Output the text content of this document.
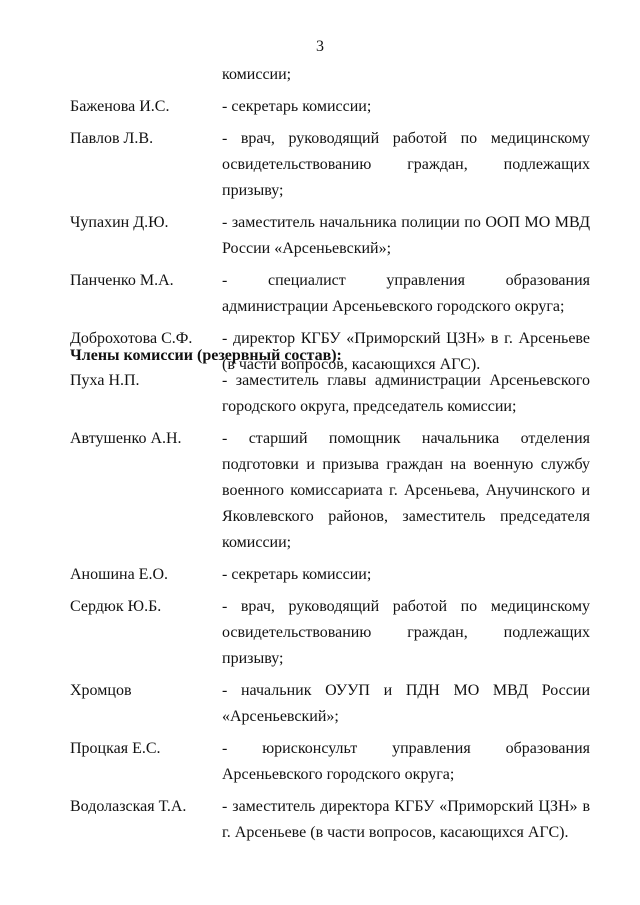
3
комиссии;
Баженова И.С.	- секретарь комиссии;
Павлов Л.В.	- врач, руководящий работой по медицинскому освидетельствованию граждан, подлежащих призыву;
Чупахин Д.Ю.	- заместитель начальника полиции по ООП МО МВД России «Арсеньевский»;
Панченко М.А.	- специалист управления образования администрации Арсеньевского городского округа;
Доброхотова С.Ф.	- директор КГБУ «Приморский ЦЗН» в г. Арсеньеве (в части вопросов, касающихся АГС).
Члены комиссии (резервный состав):
Пуха Н.П.	- заместитель главы администрации Арсеньевского городского округа, председатель комиссии;
Автушенко А.Н.	- старший помощник начальника отделения подготовки и призыва граждан на военную службу военного комиссариата г. Арсеньева, Анучинского и Яковлевского районов, заместитель председателя комиссии;
Аношина Е.О.	- секретарь комиссии;
Сердюк Ю.Б.	- врач, руководящий работой по медицинскому освидетельствованию граждан, подлежащих призыву;
Хромцов	- начальник ОУУП и ПДН МО МВД России «Арсеньевский»;
Процкая Е.С.	- юрисконсульт управления образования Арсеньевского городского округа;
Водолазская Т.А.	- заместитель директора КГБУ «Приморский ЦЗН» в г. Арсеньеве (в части вопросов, касающихся АГС).
